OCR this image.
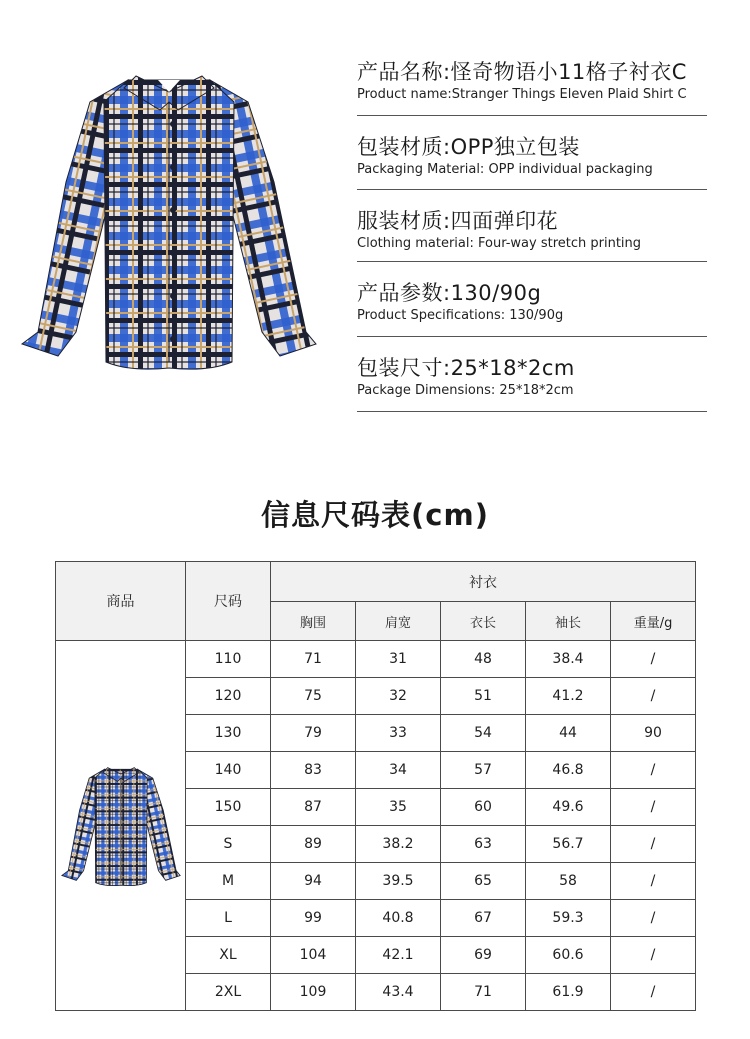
产品名称:怪奇物语小11格子衬衣C
Product name:Stranger Things Eleven Plaid Shirt C
包装材质:OPP独立包装
Packaging Material: OPP individual packaging
服装材质:四面弹印花
Clothing material: Four-way stretch printing
产品参数:130/90g
Product Specifications: 130/90g
包装尺寸:25*18*2cm
Package Dimensions: 25*18*2cm
信息尺码表(cm)
商品	尺码	衬衣				
		胸围	肩宽	衣长	袖长	重量/g

	110	71	31	48	38.4	/
	120	75	32	51	41.2	/
	130	79	33	54	44	90
	140	83	34	57	46.8	/
	150	87	35	60	49.6	/
	S	89	38.2	63	56.7	/
	M	94	39.5	65	58	/
	L	99	40.8	67	59.3	/
	XL	104	42.1	69	60.6	/
	2XL	109	43.4	71	61.9	/
